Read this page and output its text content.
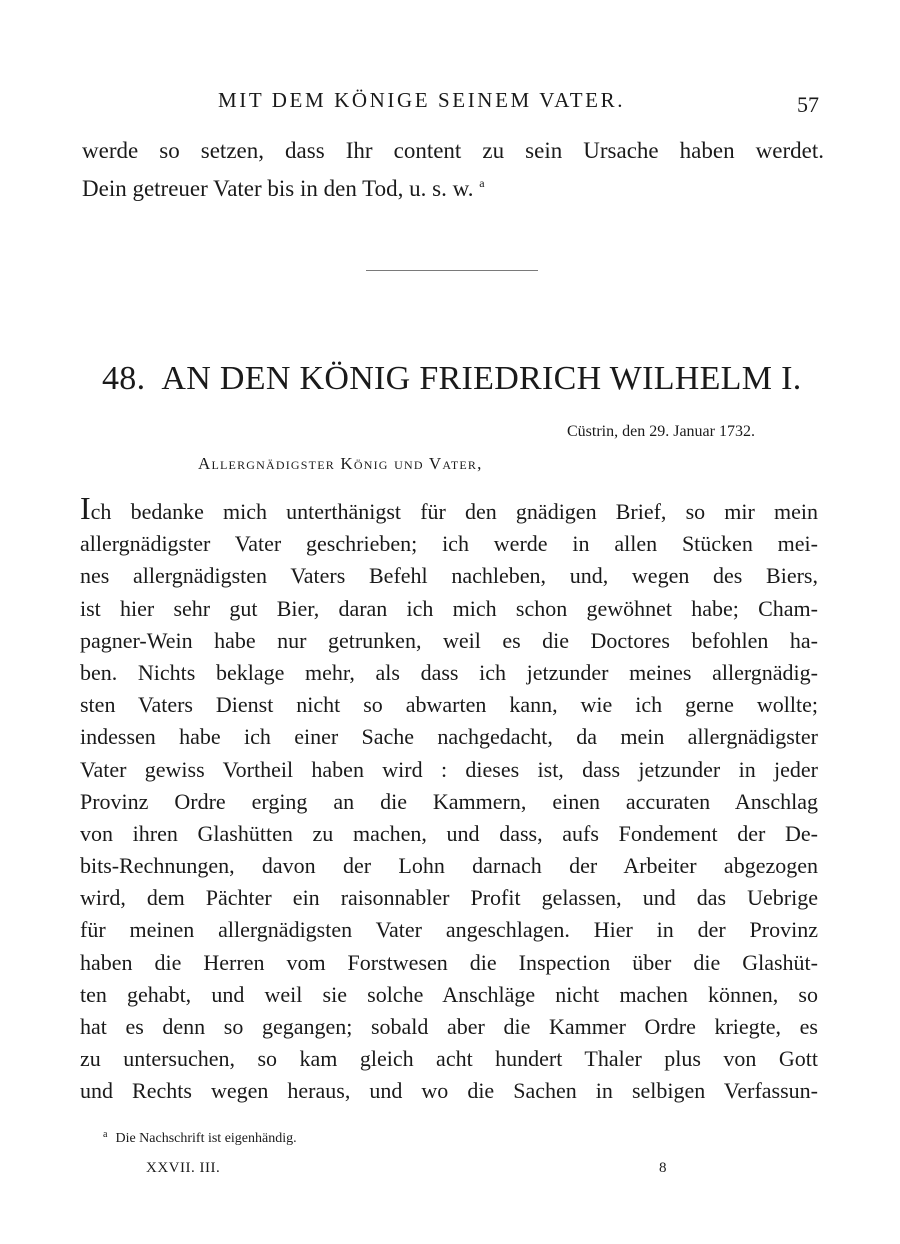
MIT DEM KÖNIGE SEINEM VATER.	57
werde so setzen, dass Ihr content zu sein Ursache haben werdet.
Dein getreuer Vater bis in den Tod, u. s. w. $^a$
48. AN DEN KÖNIG FRIEDRICH WILHELM I.
Cüstrin, den 29. Januar 1732.
Allergnädigster König und Vater,
Ich bedanke mich unterthänigst für den gnädigen Brief, so mir mein
allergnädigster Vater geschrieben; ich werde in allen Stücken mei-
nes allergnädigsten Vaters Befehl nachleben, und, wegen des Biers,
ist hier sehr gut Bier, daran ich mich schon gewöhnet habe; Cham-
pagner-Wein habe nur getrunken, weil es die Doctores befohlen ha-
ben. Nichts beklage mehr, als dass ich jetzunder meines allergnädig-
sten Vaters Dienst nicht so abwarten kann, wie ich gerne wollte;
indessen habe ich einer Sache nachgedacht, da mein allergnädigster
Vater gewiss Vortheil haben wird : dieses ist, dass jetzunder in jeder
Provinz Ordre erging an die Kammern, einen accuraten Anschlag
von ihren Glashütten zu machen, und dass, aufs Fondement der De-
bits-Rechnungen, davon der Lohn darnach der Arbeiter abgezogen
wird, dem Pächter ein raisonnabler Profit gelassen, und das Uebrige
für meinen allergnädigsten Vater angeschlagen. Hier in der Provinz
haben die Herren vom Forstwesen die Inspection über die Glashüt-
ten gehabt, und weil sie solche Anschläge nicht machen können, so
hat es denn so gegangen; sobald aber die Kammer Ordre kriegte, es
zu untersuchen, so kam gleich acht hundert Thaler plus von Gott
und Rechts wegen heraus, und wo die Sachen in selbigen Verfassun-
$^a$ Die Nachschrift ist eigenhändig.
XXVII. III.	8
